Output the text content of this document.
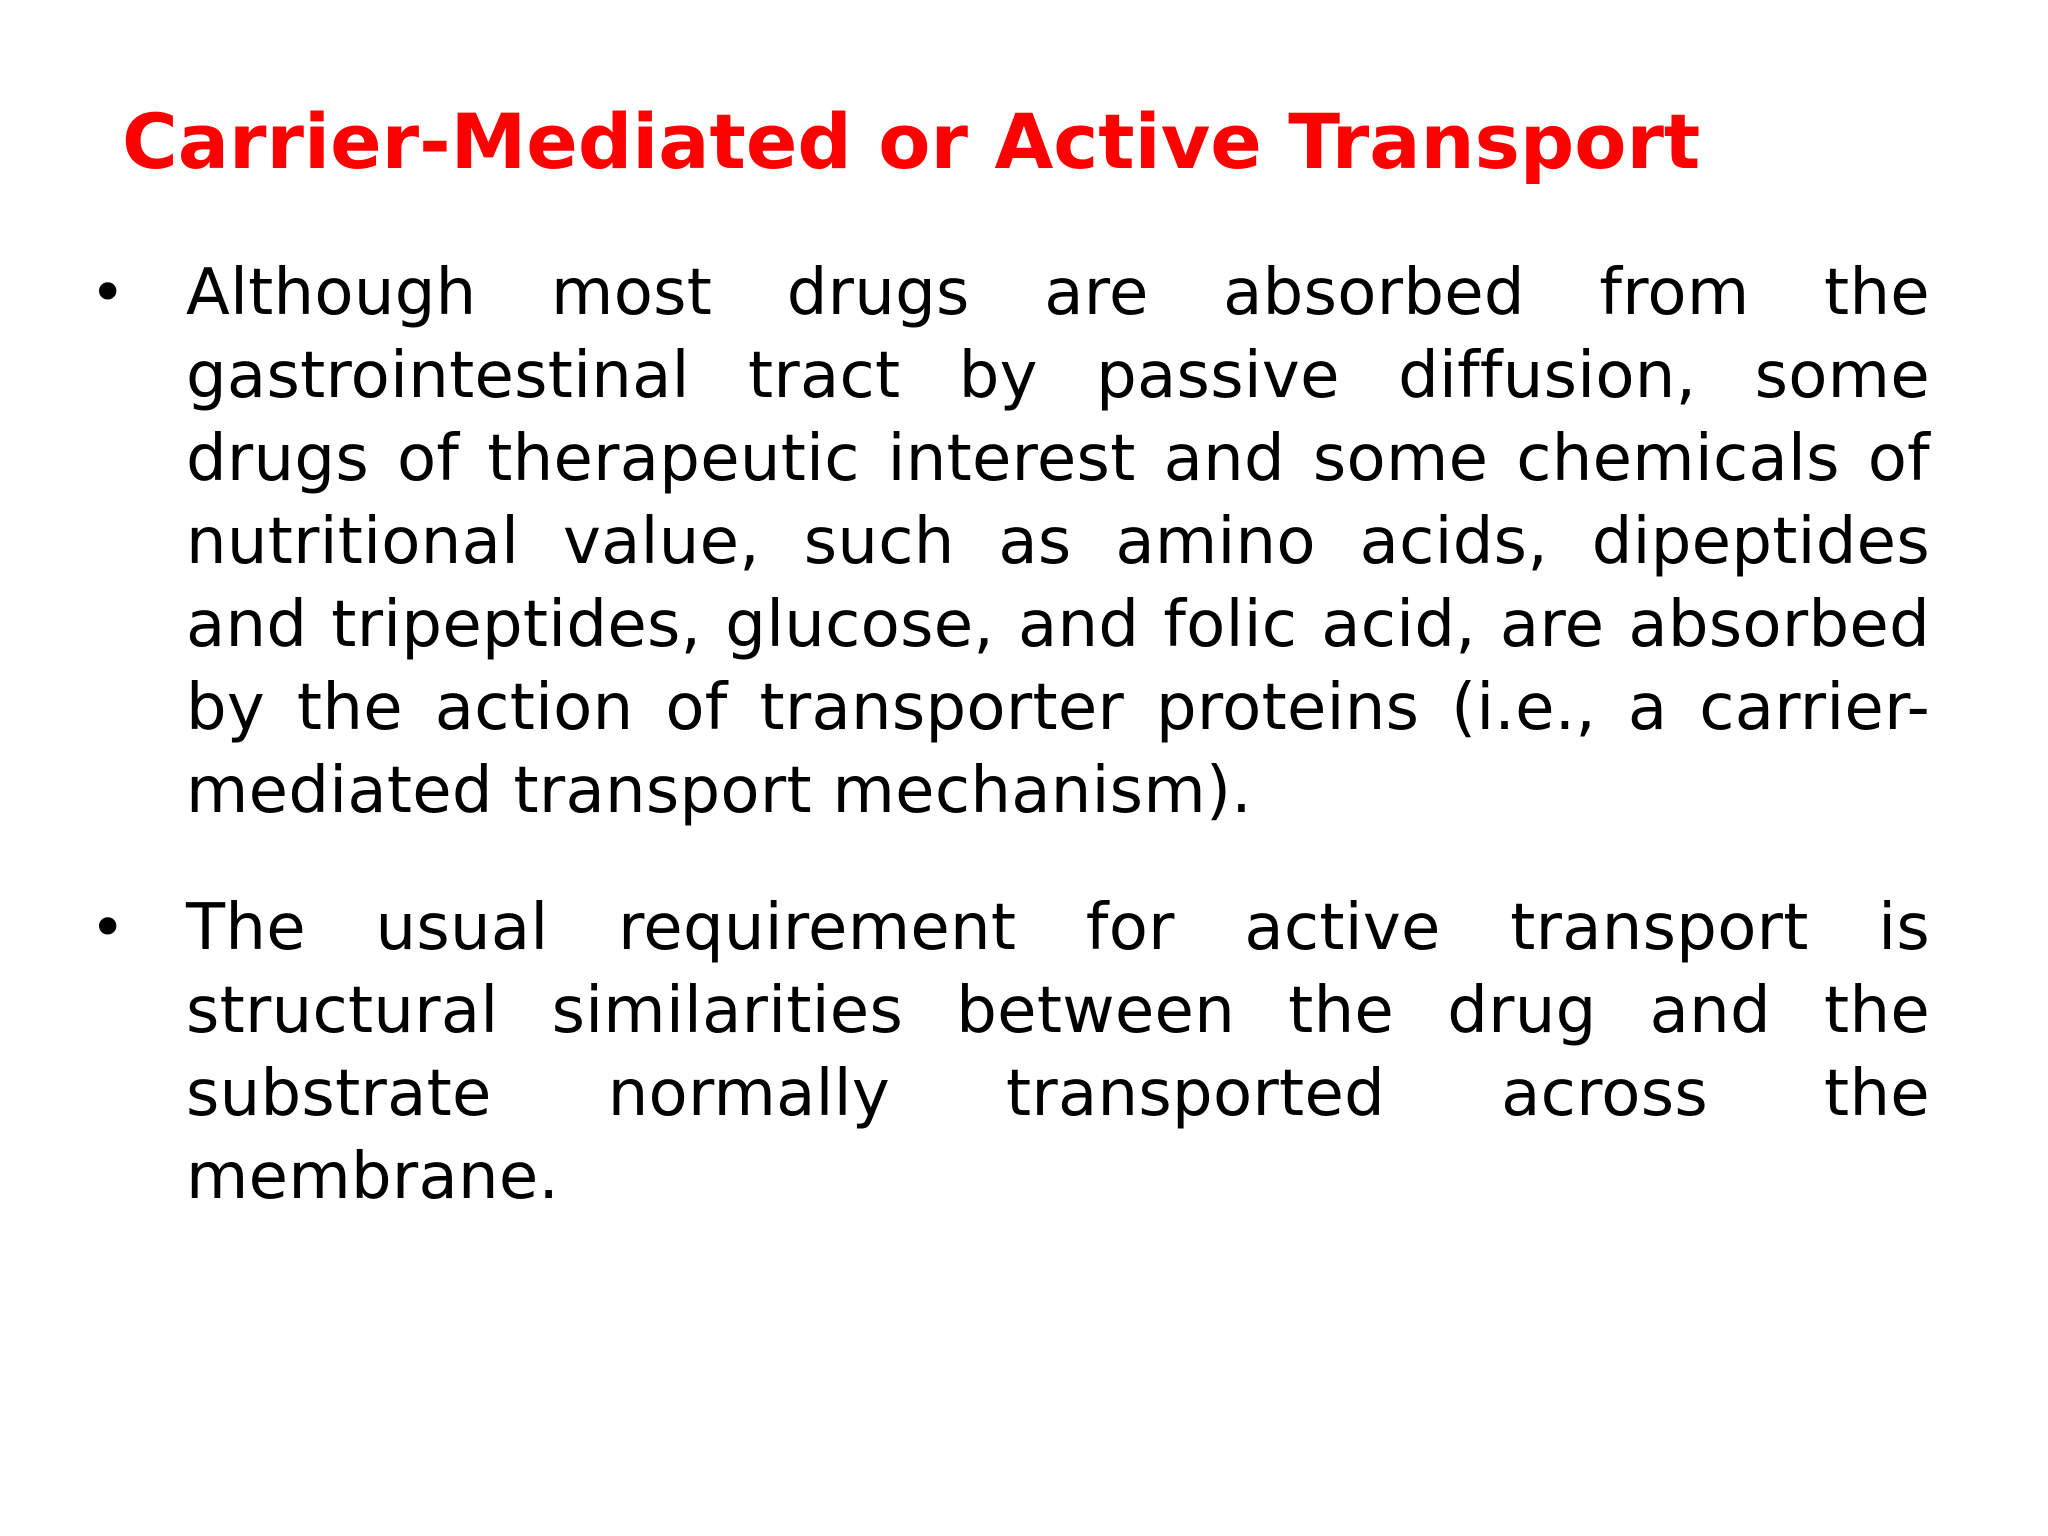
Carrier-Mediated or Active Transport
• Although most drugs are absorbed from the gastrointestinal tract by passive diffusion, some drugs of therapeutic interest and some chemicals of nutritional value, such as amino acids, dipeptides and tripeptides, glucose, and folic acid, are absorbed by the action of transporter proteins (i.e., a carrier-mediated transport mechanism).

• The usual requirement for active transport is structural similarities between the drug and the substrate normally transported across the membrane.
